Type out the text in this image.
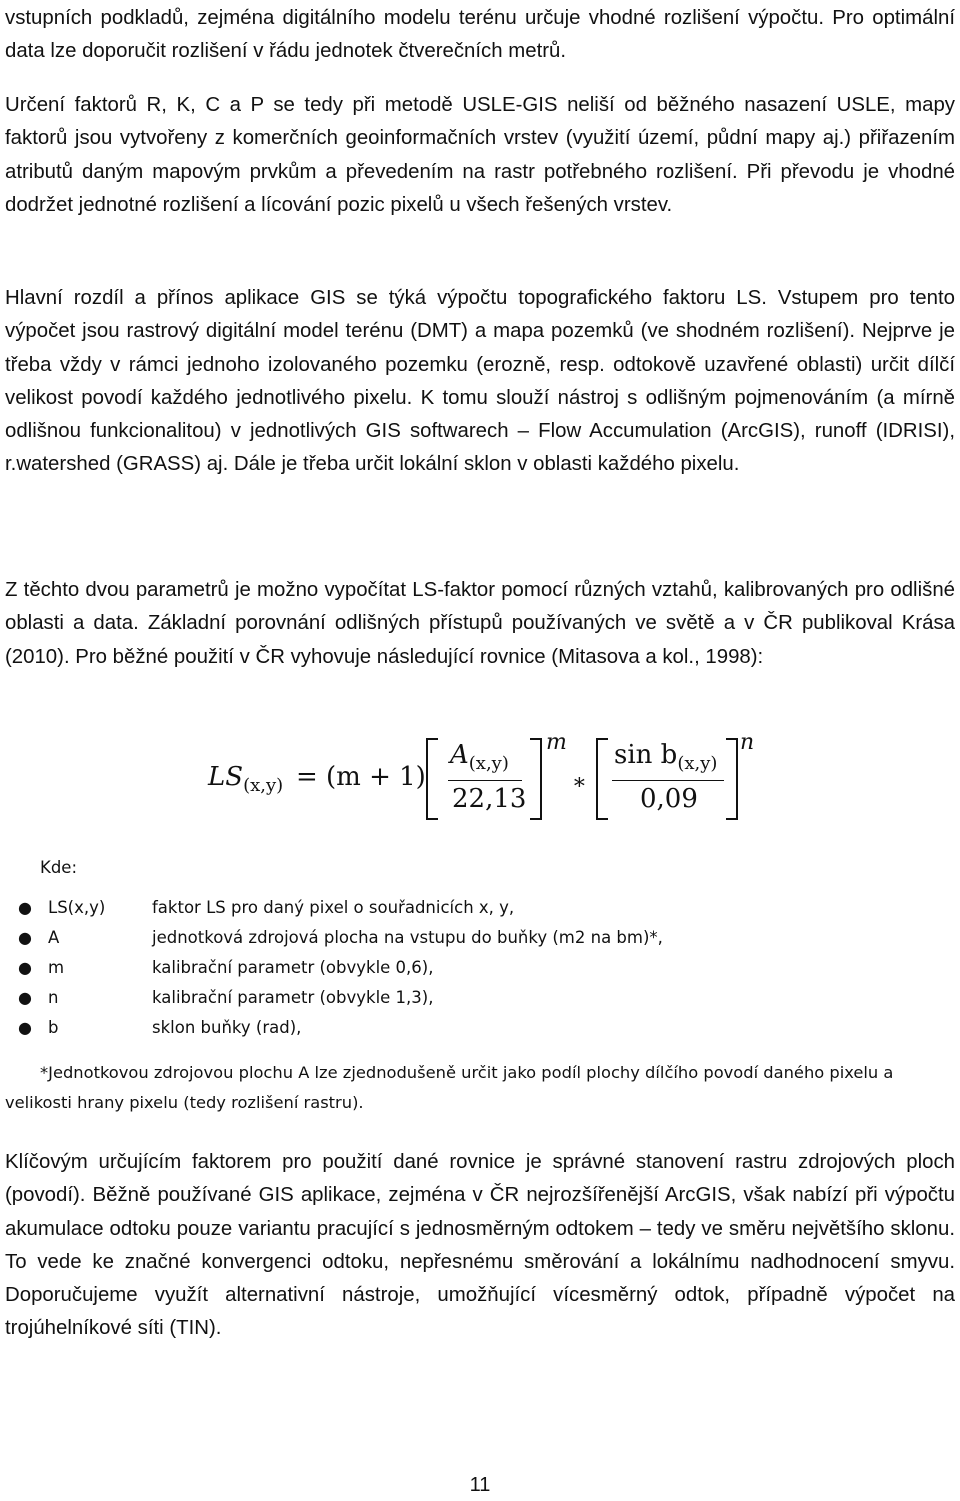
vstupních podkladů, zejména digitálního modelu terénu určuje vhodné rozlišení výpočtu. Pro optimální data lze doporučit rozlišení v řádu jednotek čtverečních metrů.

Určení faktorů R, K, C a P se tedy při metodě USLE-GIS neliší od běžného nasazení USLE, mapy faktorů jsou vytvořeny z komerčních geoinformačních vrstev (využití území, půdní mapy aj.) přiřazením atributů daným mapovým prvkům a převedením na rastr potřebného rozlišení. Při převodu je vhodné dodržet jednotné rozlišení a lícování pozic pixelů u všech řešených vrstev.

Hlavní rozdíl a přínos aplikace GIS se týká výpočtu topografického faktoru LS. Vstupem pro tento výpočet jsou rastrový digitální model terénu (DMT) a mapa pozemků (ve shodném rozlišení). Nejprve je třeba vždy v rámci jednoho izolovaného pozemku (erozně, resp. odtokově uzavřené oblasti) určit dílčí velikost povodí každého jednotlivého pixelu. K tomu slouží nástroj s odlišným pojmenováním (a mírně odlišnou funkcionalitou) v jednotlivých GIS softwarech – Flow Accumulation (ArcGIS), runoff (IDRISI), r.watershed (GRASS) aj. Dále je třeba určit lokální sklon v oblasti každého pixelu.

Z těchto dvou parametrů je možno vypočítat LS-faktor pomocí různých vztahů, kalibrovaných pro odlišné oblasti a data. Základní porovnání odlišných přístupů používaných ve světě a v ČR publikoval Krása (2010). Pro běžné použití v ČR vyhovuje následující rovnice (Mitasova a kol., 1998):

$LS_{(x,y)} = (m + 1)$
$A_{(x,y)}$
22,13
m
∗
$\sin b_{(x,y)}$
0,09
n
Kde:
● LS(x,y)	faktor LS pro daný pixel o souřadnicích x, y,
● A	jednotková zdrojová plocha na vstupu do buňky (m2 na bm)*,
● m	kalibrační parametr (obvykle 0,6),
● n	kalibrační parametr (obvykle 1,3),
● b	sklon buňky (rad),

*Jednotkovou zdrojovou plochu A lze zjednodušeně určit jako podíl plochy dílčího povodí daného pixelu a velikosti hrany pixelu (tedy rozlišení rastru).

Klíčovým určujícím faktorem pro použití dané rovnice je správné stanovení rastru zdrojových ploch (povodí). Běžně používané GIS aplikace, zejména v ČR nejrozšířenější ArcGIS, však nabízí při výpočtu akumulace odtoku pouze variantu pracující s jednosměrným odtokem – tedy ve směru největšího sklonu. To vede ke značné konvergenci odtoku, nepřesnému směrování a lokálnímu nadhodnocení smyvu. Doporučujeme využít alternativní nástroje, umožňující vícesměrný odtok, případně výpočet na trojúhelníkové síti (TIN).

11
